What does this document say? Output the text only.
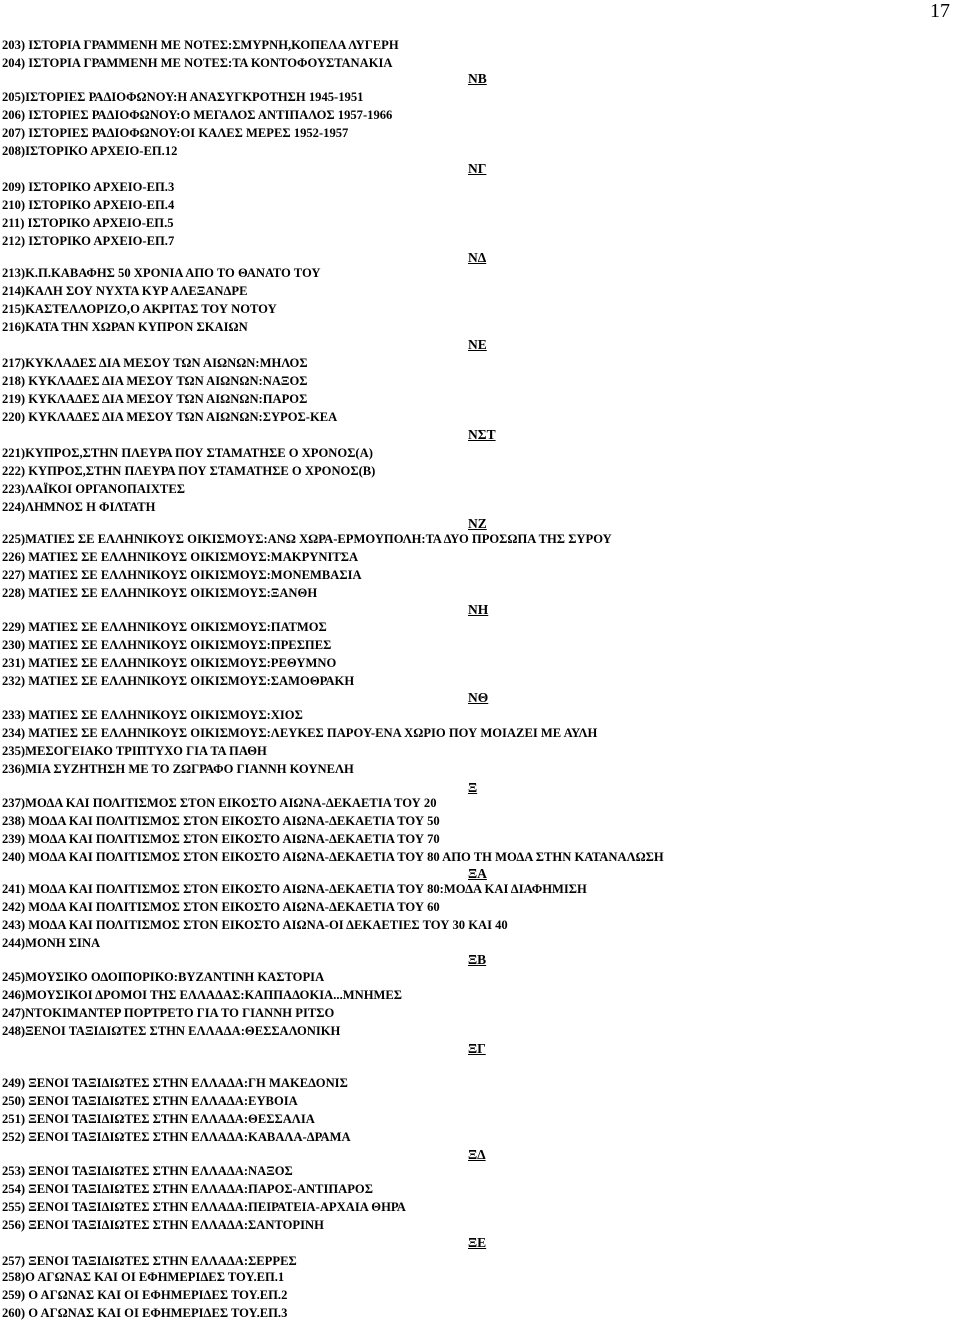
17
203) ΙΣΤΟΡΙΑ ΓΡΑΜΜΕΝΗ ΜΕ ΝΟΤΕΣ:ΣΜΥΡΝΗ,ΚΟΠΕΛΑ ΛΥΓΕΡΗ
204) ΙΣΤΟΡΙΑ ΓΡΑΜΜΕΝΗ ΜΕ ΝΟΤΕΣ:ΤΑ ΚΟΝΤΟΦΟΥΣΤΑΝΑΚΙΑ
ΝΒ
205)ΙΣΤΟΡΙΕΣ ΡΑΔΙΟΦΩΝΟΥ:Η ΑΝΑΣΥΓΚΡΟΤΗΣΗ 1945-1951
206) ΙΣΤΟΡΙΕΣ ΡΑΔΙΟΦΩΝΟΥ:Ο ΜΕΓΑΛΟΣ ΑΝΤΙΠΑΛΟΣ 1957-1966
207) ΙΣΤΟΡΙΕΣ ΡΑΔΙΟΦΩΝΟΥ:ΟΙ ΚΑΛΕΣ ΜΕΡΕΣ 1952-1957
208)ΙΣΤΟΡΙΚΟ ΑΡΧΕΙΟ-ΕΠ.12
ΝΓ
209) ΙΣΤΟΡΙΚΟ ΑΡΧΕΙΟ-ΕΠ.3
210) ΙΣΤΟΡΙΚΟ ΑΡΧΕΙΟ-ΕΠ.4
211) ΙΣΤΟΡΙΚΟ ΑΡΧΕΙΟ-ΕΠ.5
212) ΙΣΤΟΡΙΚΟ ΑΡΧΕΙΟ-ΕΠ.7
ΝΔ
213)Κ.Π.ΚΑΒΑΦΗΣ 50 ΧΡΟΝΙΑ ΑΠΟ ΤΟ ΘΑΝΑΤΟ ΤΟΥ
214)ΚΑΛΗ ΣΟΥ ΝΥΧΤΑ ΚΥΡ ΑΛΕΞΑΝΔΡΕ
215)ΚΑΣΤΕΛΛΟΡΙΖΟ,Ο ΑΚΡΙΤΑΣ ΤΟΥ ΝΟΤΟΥ
216)ΚΑΤΑ ΤΗΝ ΧΩΡΑΝ ΚΥΠΡΟΝ ΣΚΑΙΩΝ
ΝΕ
217)ΚΥΚΛΑΔΕΣ ΔΙΑ ΜΕΣΟΥ ΤΩΝ ΑΙΩΝΩΝ:ΜΗΛΟΣ
218) ΚΥΚΛΑΔΕΣ ΔΙΑ ΜΕΣΟΥ ΤΩΝ ΑΙΩΝΩΝ:ΝΑΞΟΣ
219) ΚΥΚΛΑΔΕΣ ΔΙΑ ΜΕΣΟΥ ΤΩΝ ΑΙΩΝΩΝ:ΠΑΡΟΣ
220) ΚΥΚΛΑΔΕΣ ΔΙΑ ΜΕΣΟΥ ΤΩΝ ΑΙΩΝΩΝ:ΣΥΡΟΣ-ΚΕΑ
ΝΣΤ
221)ΚΥΠΡΟΣ,ΣΤΗΝ ΠΛΕΥΡΑ ΠΟΥ ΣΤΑΜΑΤΗΣΕ Ο ΧΡΟΝΟΣ(Α)
222) ΚΥΠΡΟΣ,ΣΤΗΝ ΠΛΕΥΡΑ ΠΟΥ ΣΤΑΜΑΤΗΣΕ Ο ΧΡΟΝΟΣ(Β)
223)ΛΑΪΚΟΙ ΟΡΓΑΝΟΠΑΙΧΤΕΣ
224)ΛΗΜΝΟΣ Η ΦΙΛΤΑΤΗ
ΝΖ
225)ΜΑΤΙΕΣ ΣΕ ΕΛΛΗΝΙΚΟΥΣ ΟΙΚΙΣΜΟΥΣ:ΑΝΩ ΧΩΡΑ-ΕΡΜΟΥΠΟΛΗ:ΤΑ ΔΥΟ ΠΡΟΣΩΠΑ ΤΗΣ ΣΥΡΟΥ
226) ΜΑΤΙΕΣ ΣΕ ΕΛΛΗΝΙΚΟΥΣ ΟΙΚΙΣΜΟΥΣ:ΜΑΚΡΥΝΙΤΣΑ
227) ΜΑΤΙΕΣ ΣΕ ΕΛΛΗΝΙΚΟΥΣ ΟΙΚΙΣΜΟΥΣ:ΜΟΝΕΜΒΑΣΙΑ
228) ΜΑΤΙΕΣ ΣΕ ΕΛΛΗΝΙΚΟΥΣ ΟΙΚΙΣΜΟΥΣ:ΞΑΝΘΗ
ΝΗ
229) ΜΑΤΙΕΣ ΣΕ ΕΛΛΗΝΙΚΟΥΣ ΟΙΚΙΣΜΟΥΣ:ΠΑΤΜΟΣ
230) ΜΑΤΙΕΣ ΣΕ ΕΛΛΗΝΙΚΟΥΣ ΟΙΚΙΣΜΟΥΣ:ΠΡΕΣΠΕΣ
231) ΜΑΤΙΕΣ ΣΕ ΕΛΛΗΝΙΚΟΥΣ ΟΙΚΙΣΜΟΥΣ:ΡΕΘΥΜΝΟ
232) ΜΑΤΙΕΣ ΣΕ ΕΛΛΗΝΙΚΟΥΣ ΟΙΚΙΣΜΟΥΣ:ΣΑΜΟΘΡΑΚΗ
ΝΘ
233) ΜΑΤΙΕΣ ΣΕ ΕΛΛΗΝΙΚΟΥΣ ΟΙΚΙΣΜΟΥΣ:ΧΙΟΣ
234) ΜΑΤΙΕΣ ΣΕ ΕΛΛΗΝΙΚΟΥΣ ΟΙΚΙΣΜΟΥΣ:ΛΕΥΚΕΣ ΠΑΡΟΥ-ΕΝΑ ΧΩΡΙΟ ΠΟΥ ΜΟΙΑΖΕΙ ΜΕ ΑΥΛΗ
235)ΜΕΣΟΓΕΙΑΚΟ ΤΡΙΠΤΥΧΟ ΓΙΑ ΤΑ ΠΑΘΗ
236)ΜΙΑ ΣΥΖΗΤΗΣΗ ΜΕ ΤΟ ΖΩΓΡΑΦΟ ΓΙΑΝΝΗ ΚΟΥΝΕΛΗ
Ξ
237)ΜΟΔΑ ΚΑΙ ΠΟΛΙΤΙΣΜΟΣ ΣΤΟΝ ΕΙΚΟΣΤΟ ΑΙΩΝΑ-ΔΕΚΑΕΤΙΑ ΤΟΥ 20
238) ΜΟΔΑ ΚΑΙ ΠΟΛΙΤΙΣΜΟΣ ΣΤΟΝ ΕΙΚΟΣΤΟ ΑΙΩΝΑ-ΔΕΚΑΕΤΙΑ ΤΟΥ 50
239) ΜΟΔΑ ΚΑΙ ΠΟΛΙΤΙΣΜΟΣ ΣΤΟΝ ΕΙΚΟΣΤΟ ΑΙΩΝΑ-ΔΕΚΑΕΤΙΑ ΤΟΥ 70
240) ΜΟΔΑ ΚΑΙ ΠΟΛΙΤΙΣΜΟΣ ΣΤΟΝ ΕΙΚΟΣΤΟ ΑΙΩΝΑ-ΔΕΚΑΕΤΙΑ ΤΟΥ 80 ΑΠΟ ΤΗ ΜΟΔΑ ΣΤΗΝ ΚΑΤΑΝΑΛΩΣΗ
ΞΑ
241) ΜΟΔΑ ΚΑΙ ΠΟΛΙΤΙΣΜΟΣ ΣΤΟΝ ΕΙΚΟΣΤΟ ΑΙΩΝΑ-ΔΕΚΑΕΤΙΑ ΤΟΥ 80:ΜΟΔΑ ΚΑΙ ΔΙΑΦΗΜΙΣΗ
242) ΜΟΔΑ ΚΑΙ ΠΟΛΙΤΙΣΜΟΣ ΣΤΟΝ ΕΙΚΟΣΤΟ ΑΙΩΝΑ-ΔΕΚΑΕΤΙΑ ΤΟΥ 60
243) ΜΟΔΑ ΚΑΙ ΠΟΛΙΤΙΣΜΟΣ ΣΤΟΝ ΕΙΚΟΣΤΟ ΑΙΩΝΑ-ΟΙ ΔΕΚΑΕΤΙΕΣ ΤΟΥ 30 ΚΑΙ 40
244)ΜΟΝΗ ΣΙΝΑ
ΞΒ
245)ΜΟΥΣΙΚΟ ΟΔΟΙΠΟΡΙΚΟ:ΒΥΖΑΝΤΙΝΗ ΚΑΣΤΟΡΙΑ
246)ΜΟΥΣΙΚΟΙ ΔΡΟΜΟΙ ΤΗΣ ΕΛΛΑΔΑΣ:ΚΑΠΠΑΔΟΚΙΑ...ΜΝΗΜΕΣ
247)ΝΤΟΚΙΜΑΝΤΕΡ ΠΟΡΤΡΕΤΟ ΓΙΑ ΤΟ ΓΙΑΝΝΗ ΡΙΤΣΟ
248)ΞΕΝΟΙ ΤΑΞΙΔΙΩΤΕΣ ΣΤΗΝ ΕΛΛΑΔΑ:ΘΕΣΣΑΛΟΝΙΚΗ
ΞΓ
249) ΞΕΝΟΙ ΤΑΞΙΔΙΩΤΕΣ ΣΤΗΝ ΕΛΛΑΔΑ:ΓΗ ΜΑΚΕΔΟΝΙΣ
250) ΞΕΝΟΙ ΤΑΞΙΔΙΩΤΕΣ ΣΤΗΝ ΕΛΛΑΔΑ:ΕΥΒΟΙΑ
251) ΞΕΝΟΙ ΤΑΞΙΔΙΩΤΕΣ ΣΤΗΝ ΕΛΛΑΔΑ:ΘΕΣΣΑΛΙΑ
252) ΞΕΝΟΙ ΤΑΞΙΔΙΩΤΕΣ ΣΤΗΝ ΕΛΛΑΔΑ:ΚΑΒΑΛΑ-ΔΡΑΜΑ
ΞΔ
253) ΞΕΝΟΙ ΤΑΞΙΔΙΩΤΕΣ ΣΤΗΝ ΕΛΛΑΔΑ:ΝΑΞΟΣ
254) ΞΕΝΟΙ ΤΑΞΙΔΙΩΤΕΣ ΣΤΗΝ ΕΛΛΑΔΑ:ΠΑΡΟΣ-ΑΝΤΙΠΑΡΟΣ
255) ΞΕΝΟΙ ΤΑΞΙΔΙΩΤΕΣ ΣΤΗΝ ΕΛΛΑΔΑ:ΠΕΙΡΑΤΕΙΑ-ΑΡΧΑΙΑ ΘΗΡΑ
256) ΞΕΝΟΙ ΤΑΞΙΔΙΩΤΕΣ ΣΤΗΝ ΕΛΛΑΔΑ:ΣΑΝΤΟΡΙΝΗ
ΞΕ
257) ΞΕΝΟΙ ΤΑΞΙΔΙΩΤΕΣ ΣΤΗΝ ΕΛΛΑΔΑ:ΣΕΡΡΕΣ
258)Ο ΑΓΩΝΑΣ ΚΑΙ ΟΙ ΕΦΗΜΕΡΙΔΕΣ ΤΟΥ.ΕΠ.1
259) Ο ΑΓΩΝΑΣ ΚΑΙ ΟΙ ΕΦΗΜΕΡΙΔΕΣ ΤΟΥ.ΕΠ.2
260) Ο ΑΓΩΝΑΣ ΚΑΙ ΟΙ ΕΦΗΜΕΡΙΔΕΣ ΤΟΥ.ΕΠ.3
